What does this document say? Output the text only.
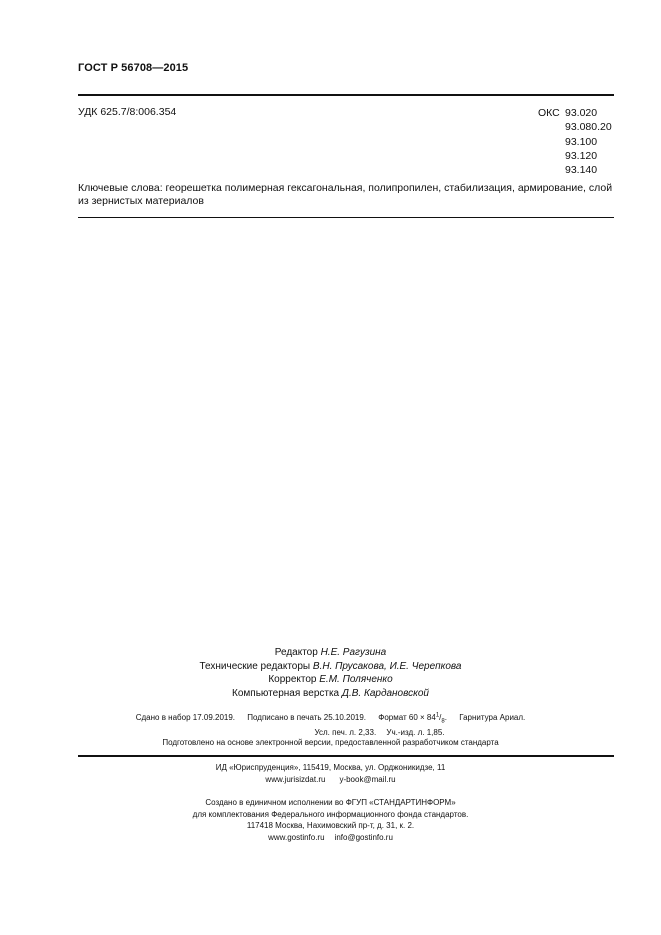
ГОСТ Р 56708—2015
УДК 625.7/8:006.354	ОКС 93.020
93.080.20
93.100
93.120
93.140
Ключевые слова: георешетка полимерная гексагональная, полипропилен, стабилизация, армирование, слой из зернистых материалов
Редактор Н.Е. Рагузина
Технические редакторы В.Н. Прусакова, И.Е. Черепкова
Корректор Е.М. Поляченко
Компьютерная верстка Д.В. Кардановской
Сдано в набор 17.09.2019. Подписано в печать 25.10.2019. Формат $60 \times 84^1/_8$. Гарнитура Ариал.
Усл. печ. л. 2,33. Уч.-изд. л. 1,85.
Подготовлено на основе электронной версии, предоставленной разработчиком стандарта
ИД «Юриспруденция», 115419, Москва, ул. Орджоникидзе, 11
www.jurisizdat.ru y-book@mail.ru
Создано в единичном исполнении во ФГУП «СТАНДАРТИНФОРМ»
для комплектования Федерального информационного фонда стандартов.
117418 Москва, Нахимовский пр-т, д. 31, к. 2.
www.gostinfo.ru info@gostinfo.ru
